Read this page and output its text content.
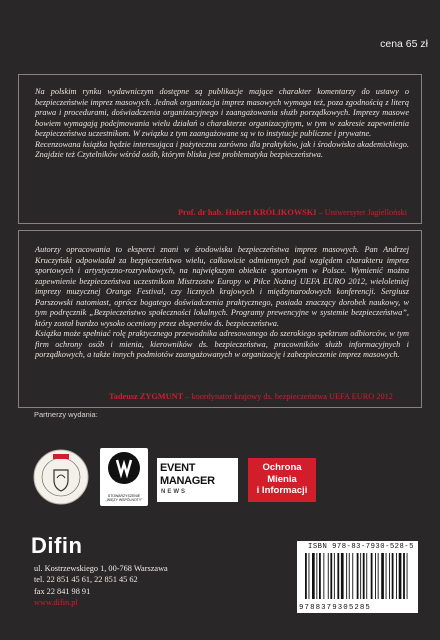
cena 65 zł

Na polskim rynku wydawniczym dostępne są publikacje mające charakter komentarzy do ustawy o bezpieczeństwie imprez masowych. Jednak organizacja imprez masowych wymaga też, poza zgodnością z literą prawa i procedurami, doświadczenia organizacyjnego i zaangażowania służb porządkowych. Imprezy masowe bowiem wymagają podejmowania wielu działań o charakterze organizacyjnym, w tym w zakresie zapewnienia bezpieczeństwa uczestnikom. W związku z tym zaangażowane są w to instytucje publiczne i prywatne.

Recenzowana książka będzie interesująca i pożyteczna zarówno dla praktyków, jak i środowiska akademickiego. Znajdzie też Czytelników wśród osób, którym bliska jest problematyka bezpieczeństwa.

Prof. dr hab. Hubert KRÓLIKOWSKI – Uniwersytet Jagielloński

Autorzy opracowania to eksperci znani w środowisku bezpieczeństwa imprez masowych. Pan Andrzej Kruczyński odpowiadał za bezpieczeństwo wielu, całkowicie odmiennych pod względem charakteru imprez sportowych i artystyczno-rozrywkowych, na największym obiekcie sportowym w Polsce. Wymienić można zapewnienie bezpieczeństwa uczestnikom Mistrzostw Europy w Piłce Nożnej UEFA EURO 2012, wieloletniej imprezy muzycznej Orange Festival, czy licznych krajowych i międzynarodowych konferencji. Sergiusz Parszowski natomiast, oprócz bogatego doświadczenia praktycznego, posiada znaczący dorobek naukowy, w tym podręcznik „Bezpieczeństwo społeczności lokalnych. Programy prewencyjne w systemie bezpieczeństwa”, który został bardzo wysoko oceniony przez ekspertów ds. bezpieczeństwa.

Książka może spełniać rolę praktycznego przewodnika adresowanego do szerokiego spektrum odbiorców, w tym firm ochrony osób i mienia, kierowników ds. bezpieczeństwa, pracowników służb informacyjnych i porządkowych, a także innych podmiotów zaangażowanych w organizację i zabezpieczenie imprez masowych.

Tadeusz ZYGMUNT – koordynator krajowy ds. bezpieczeństwa UEFA EURO 2012
Partnerzy wydania:
STOWARZYSZENIE
„WIĘZY WSPÓLNOTY”
EVENT
MANAGER
NEWS
Ochrona
Mienia
i Informacji
Difin
ul. Kostrzewskiego 1, 00-768 Warszawa
tel. 22 851 45 61, 22 851 45 62
fax 22 841 98 91
www.difin.pl
ISBN 978-83-7930-528-5
9788379305285
